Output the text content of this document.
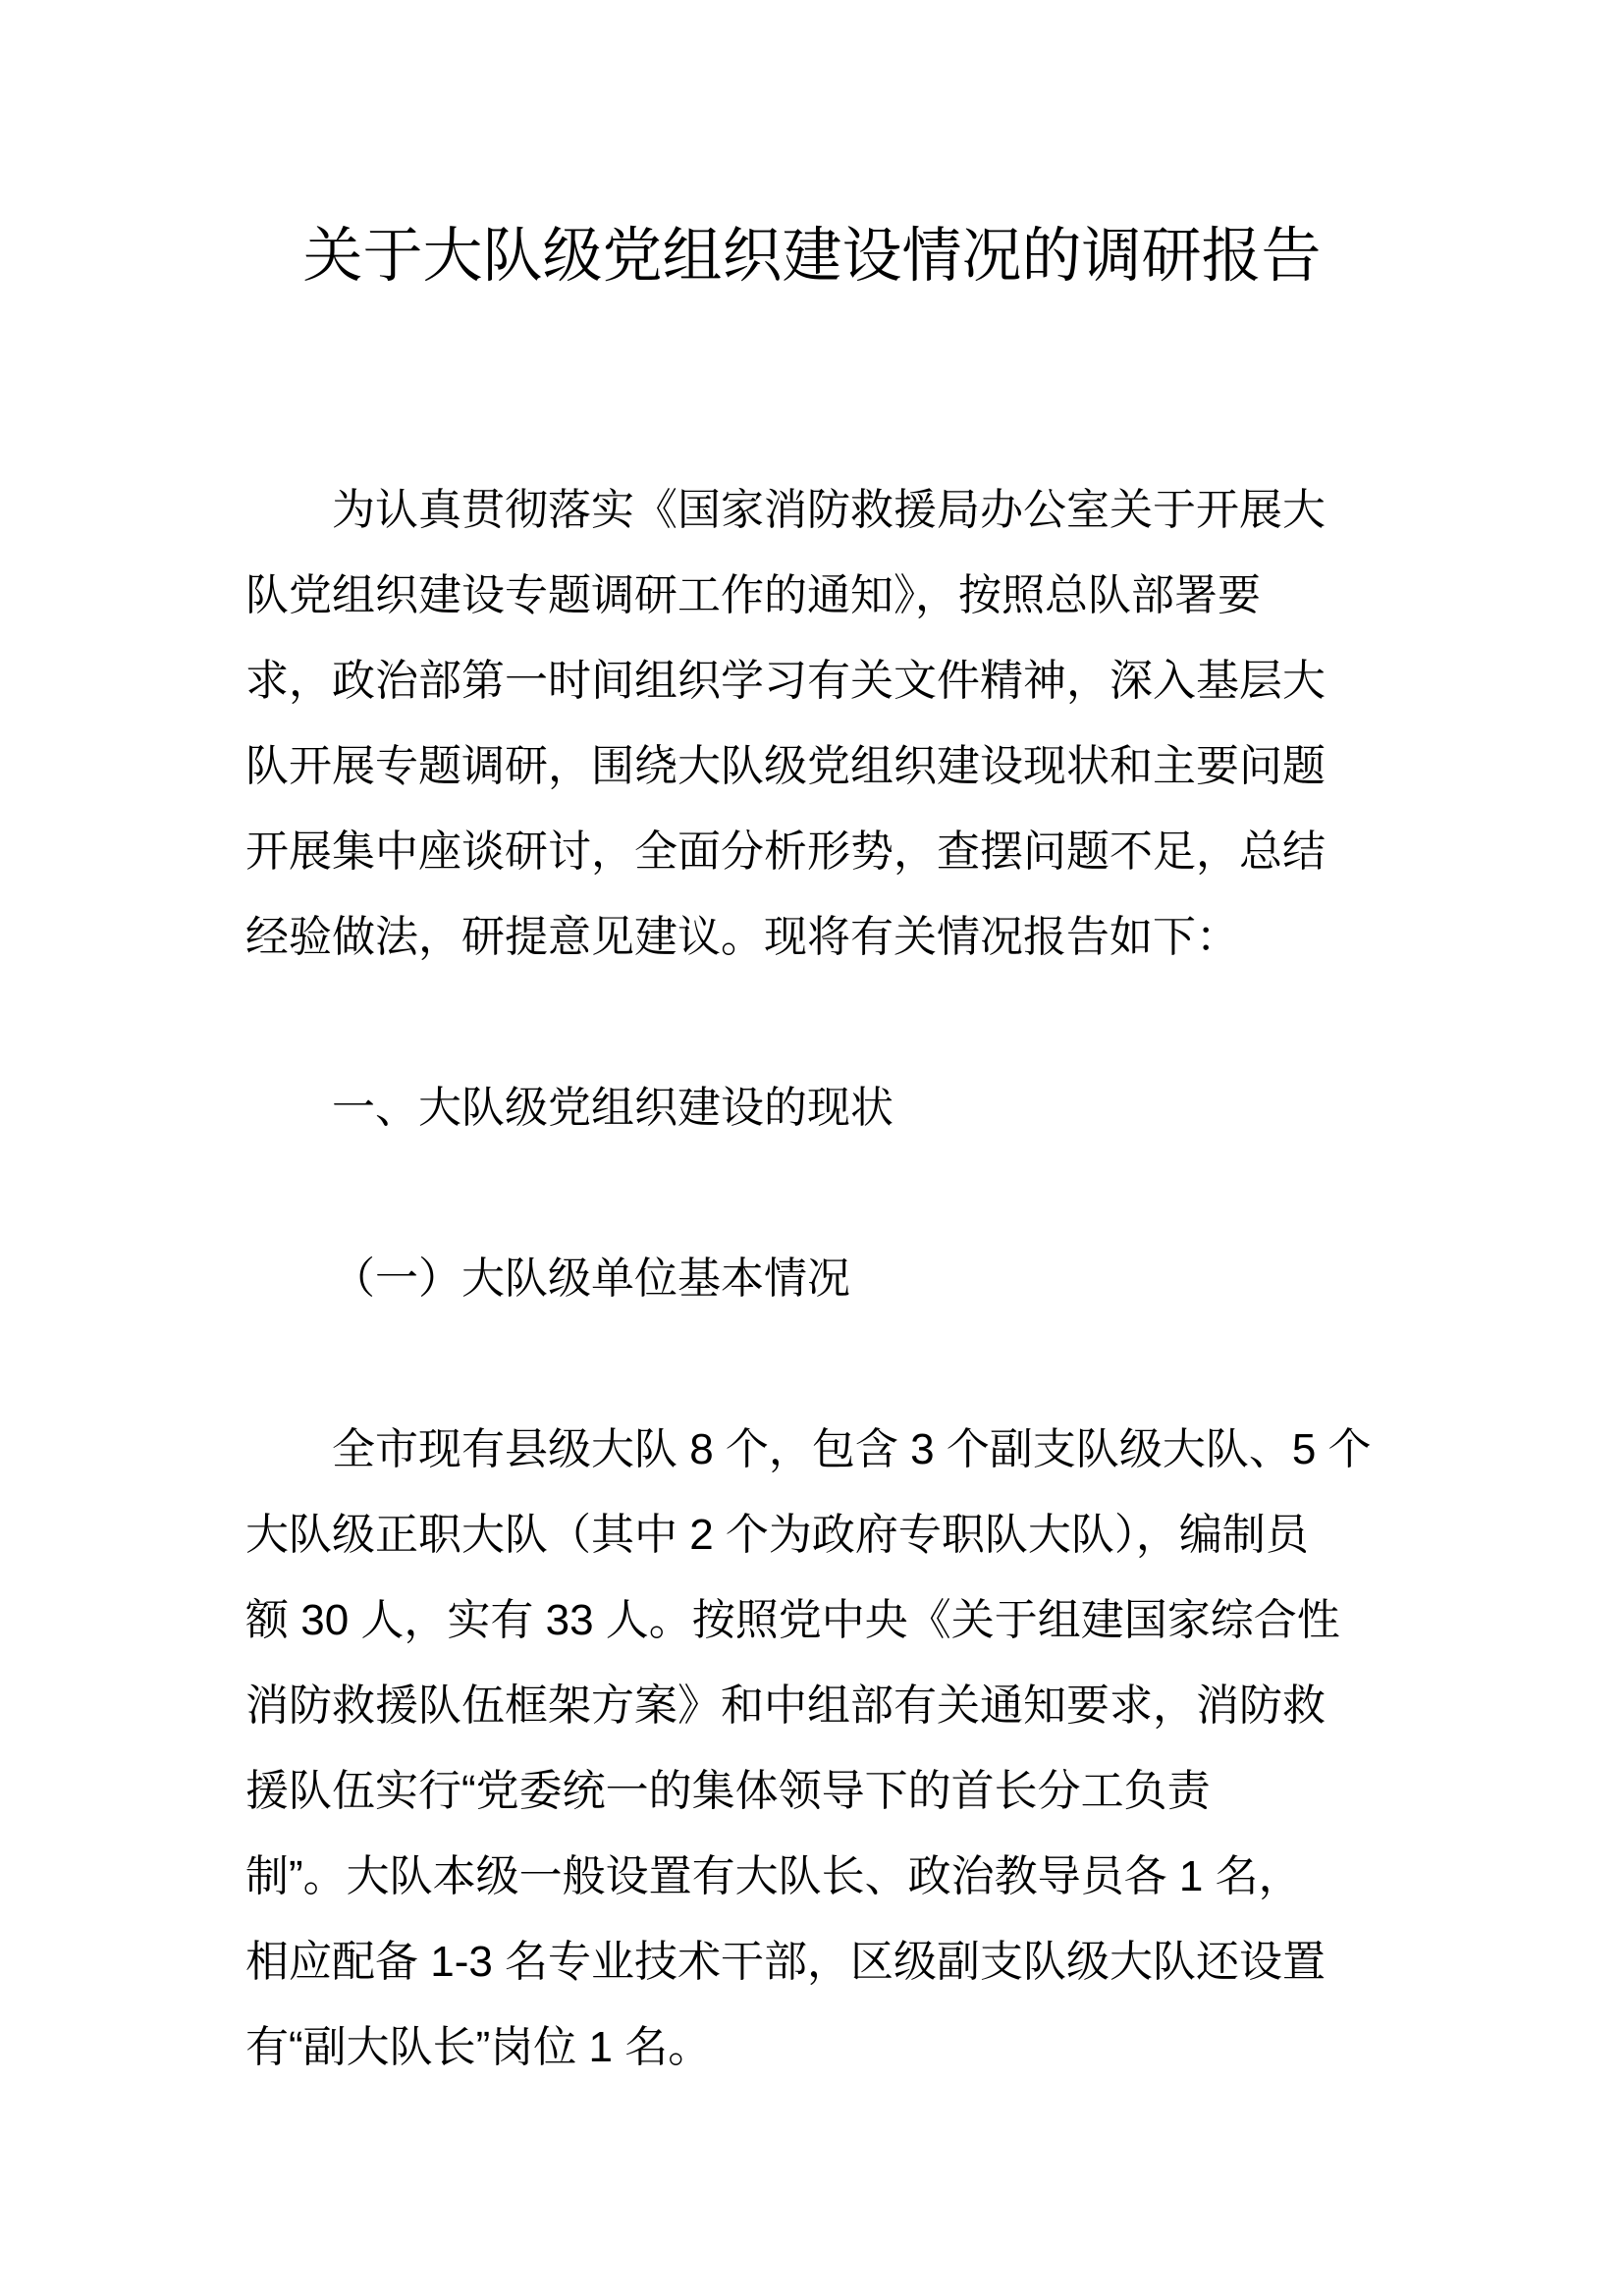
关于大队级党组织建设情况的调研报告
为认真贯彻落实《国家消防救援局办公室关于开展大
队党组织建设专题调研工作的通知》，按照总队部署要
求，政治部第一时间组织学习有关文件精神，深入基层大
队开展专题调研，围绕大队级党组织建设现状和主要问题
开展集中座谈研讨，全面分析形势，查摆问题不足，总结
经验做法，研提意见建议。现将有关情况报告如下：
一、大队级党组织建设的现状
（一）大队级单位基本情况
全市现有县级大队 8 个，包含 3 个副支队级大队、5 个
大队级正职大队（其中 2 个为政府专职队大队），编制员
额 30 人，实有 33 人。按照党中央《关于组建国家综合性
消防救援队伍框架方案》和中组部有关通知要求，消防救
援队伍实行“党委统一的集体领导下的首长分工负责
制”。大队本级一般设置有大队长、政治教导员各 1 名，
相应配备 1-3 名专业技术干部，区级副支队级大队还设置
有“副大队长”岗位 1 名。
